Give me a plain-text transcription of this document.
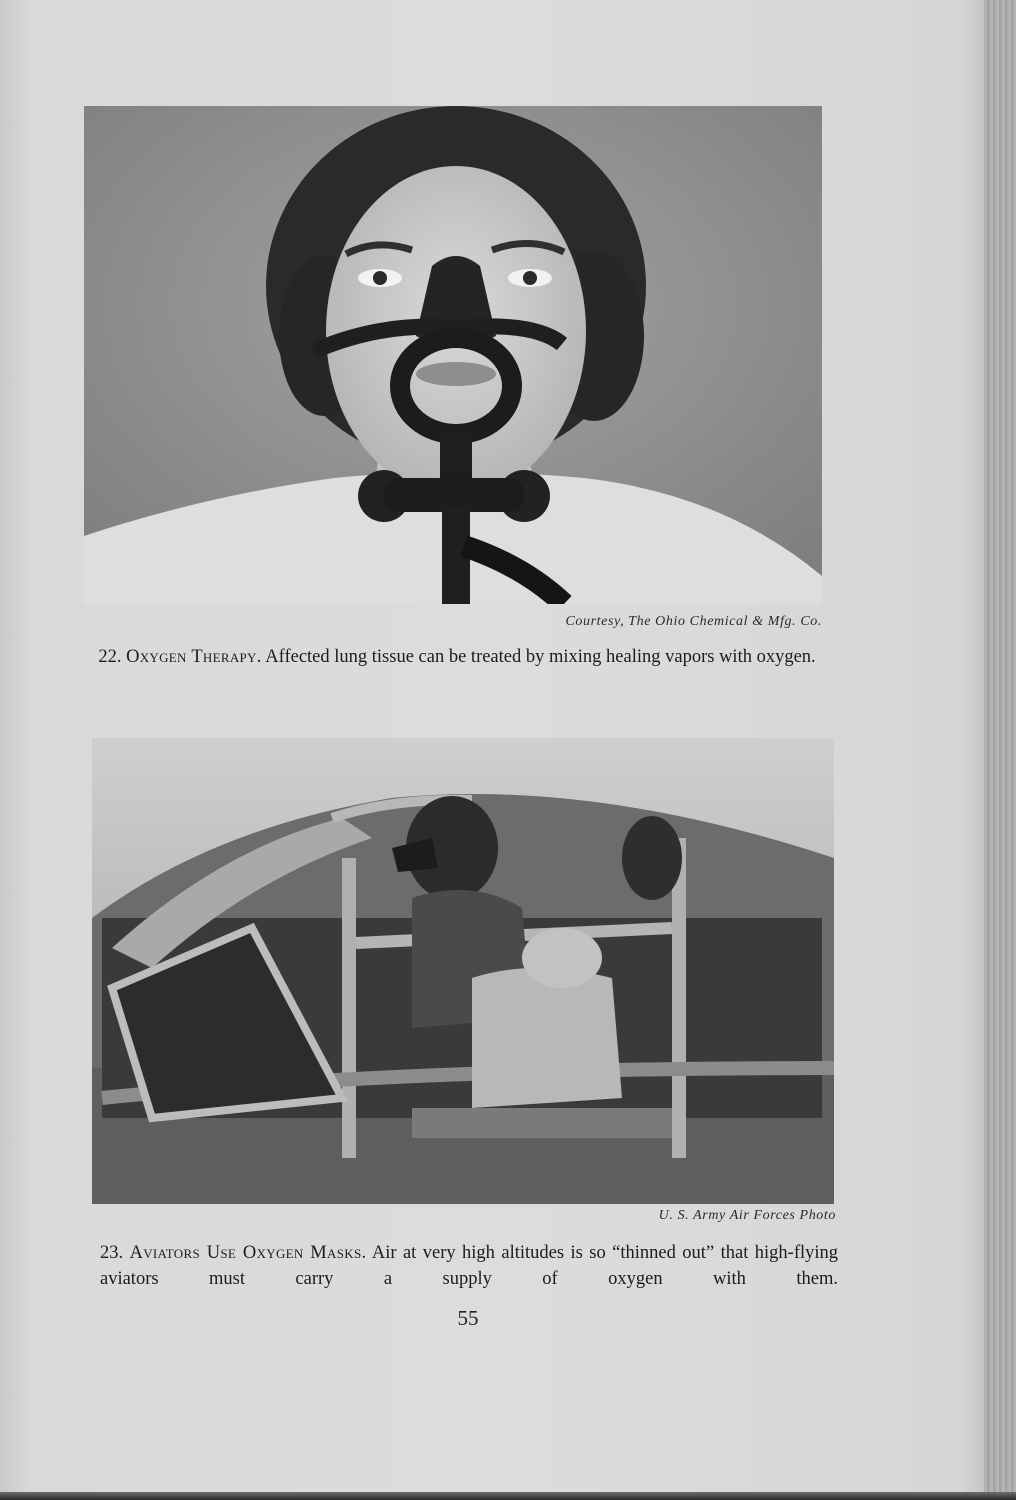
Courtesy, The Ohio Chemical & Mfg. Co.
22. Oxygen Therapy. Affected lung tissue can be treated by mixing healing vapors with oxygen.
U. S. Army Air Forces Photo
23. Aviators Use Oxygen Masks. Air at very high altitudes is so “thinned out” that high-flying aviators must carry a supply of oxygen with them.
55
